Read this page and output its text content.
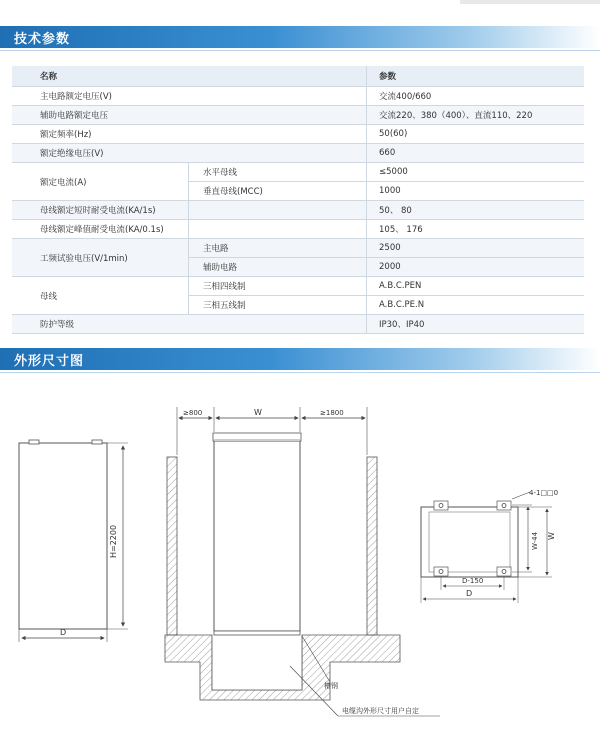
技术参数
名称		参数
主电路额定电压(V)		交流400/660
辅助电路额定电压		交流220、380（400）、直流110、220
额定频率(Hz)		50(60)
额定绝缘电压(V)		660
额定电流(A)	水平母线	≤5000
	垂直母线(MCC)	1000
母线额定短时耐受电流(KA/1s)		50、 80
母线额定峰值耐受电流(KA/0.1s)		105、 176
工频试验电压(V/1min)	主电路	2500
	辅助电路	2000
母线	三相四线制	A.B.C.PEN
	三相五线制	A.B.C.PE.N
防护等级		IP30、IP40
外形尺寸图
H=2200
D
≥800	W	≥1800
槽钢
电缆沟外形尺寸用户自定
4-1□□0
W-44 W
D-150
D
